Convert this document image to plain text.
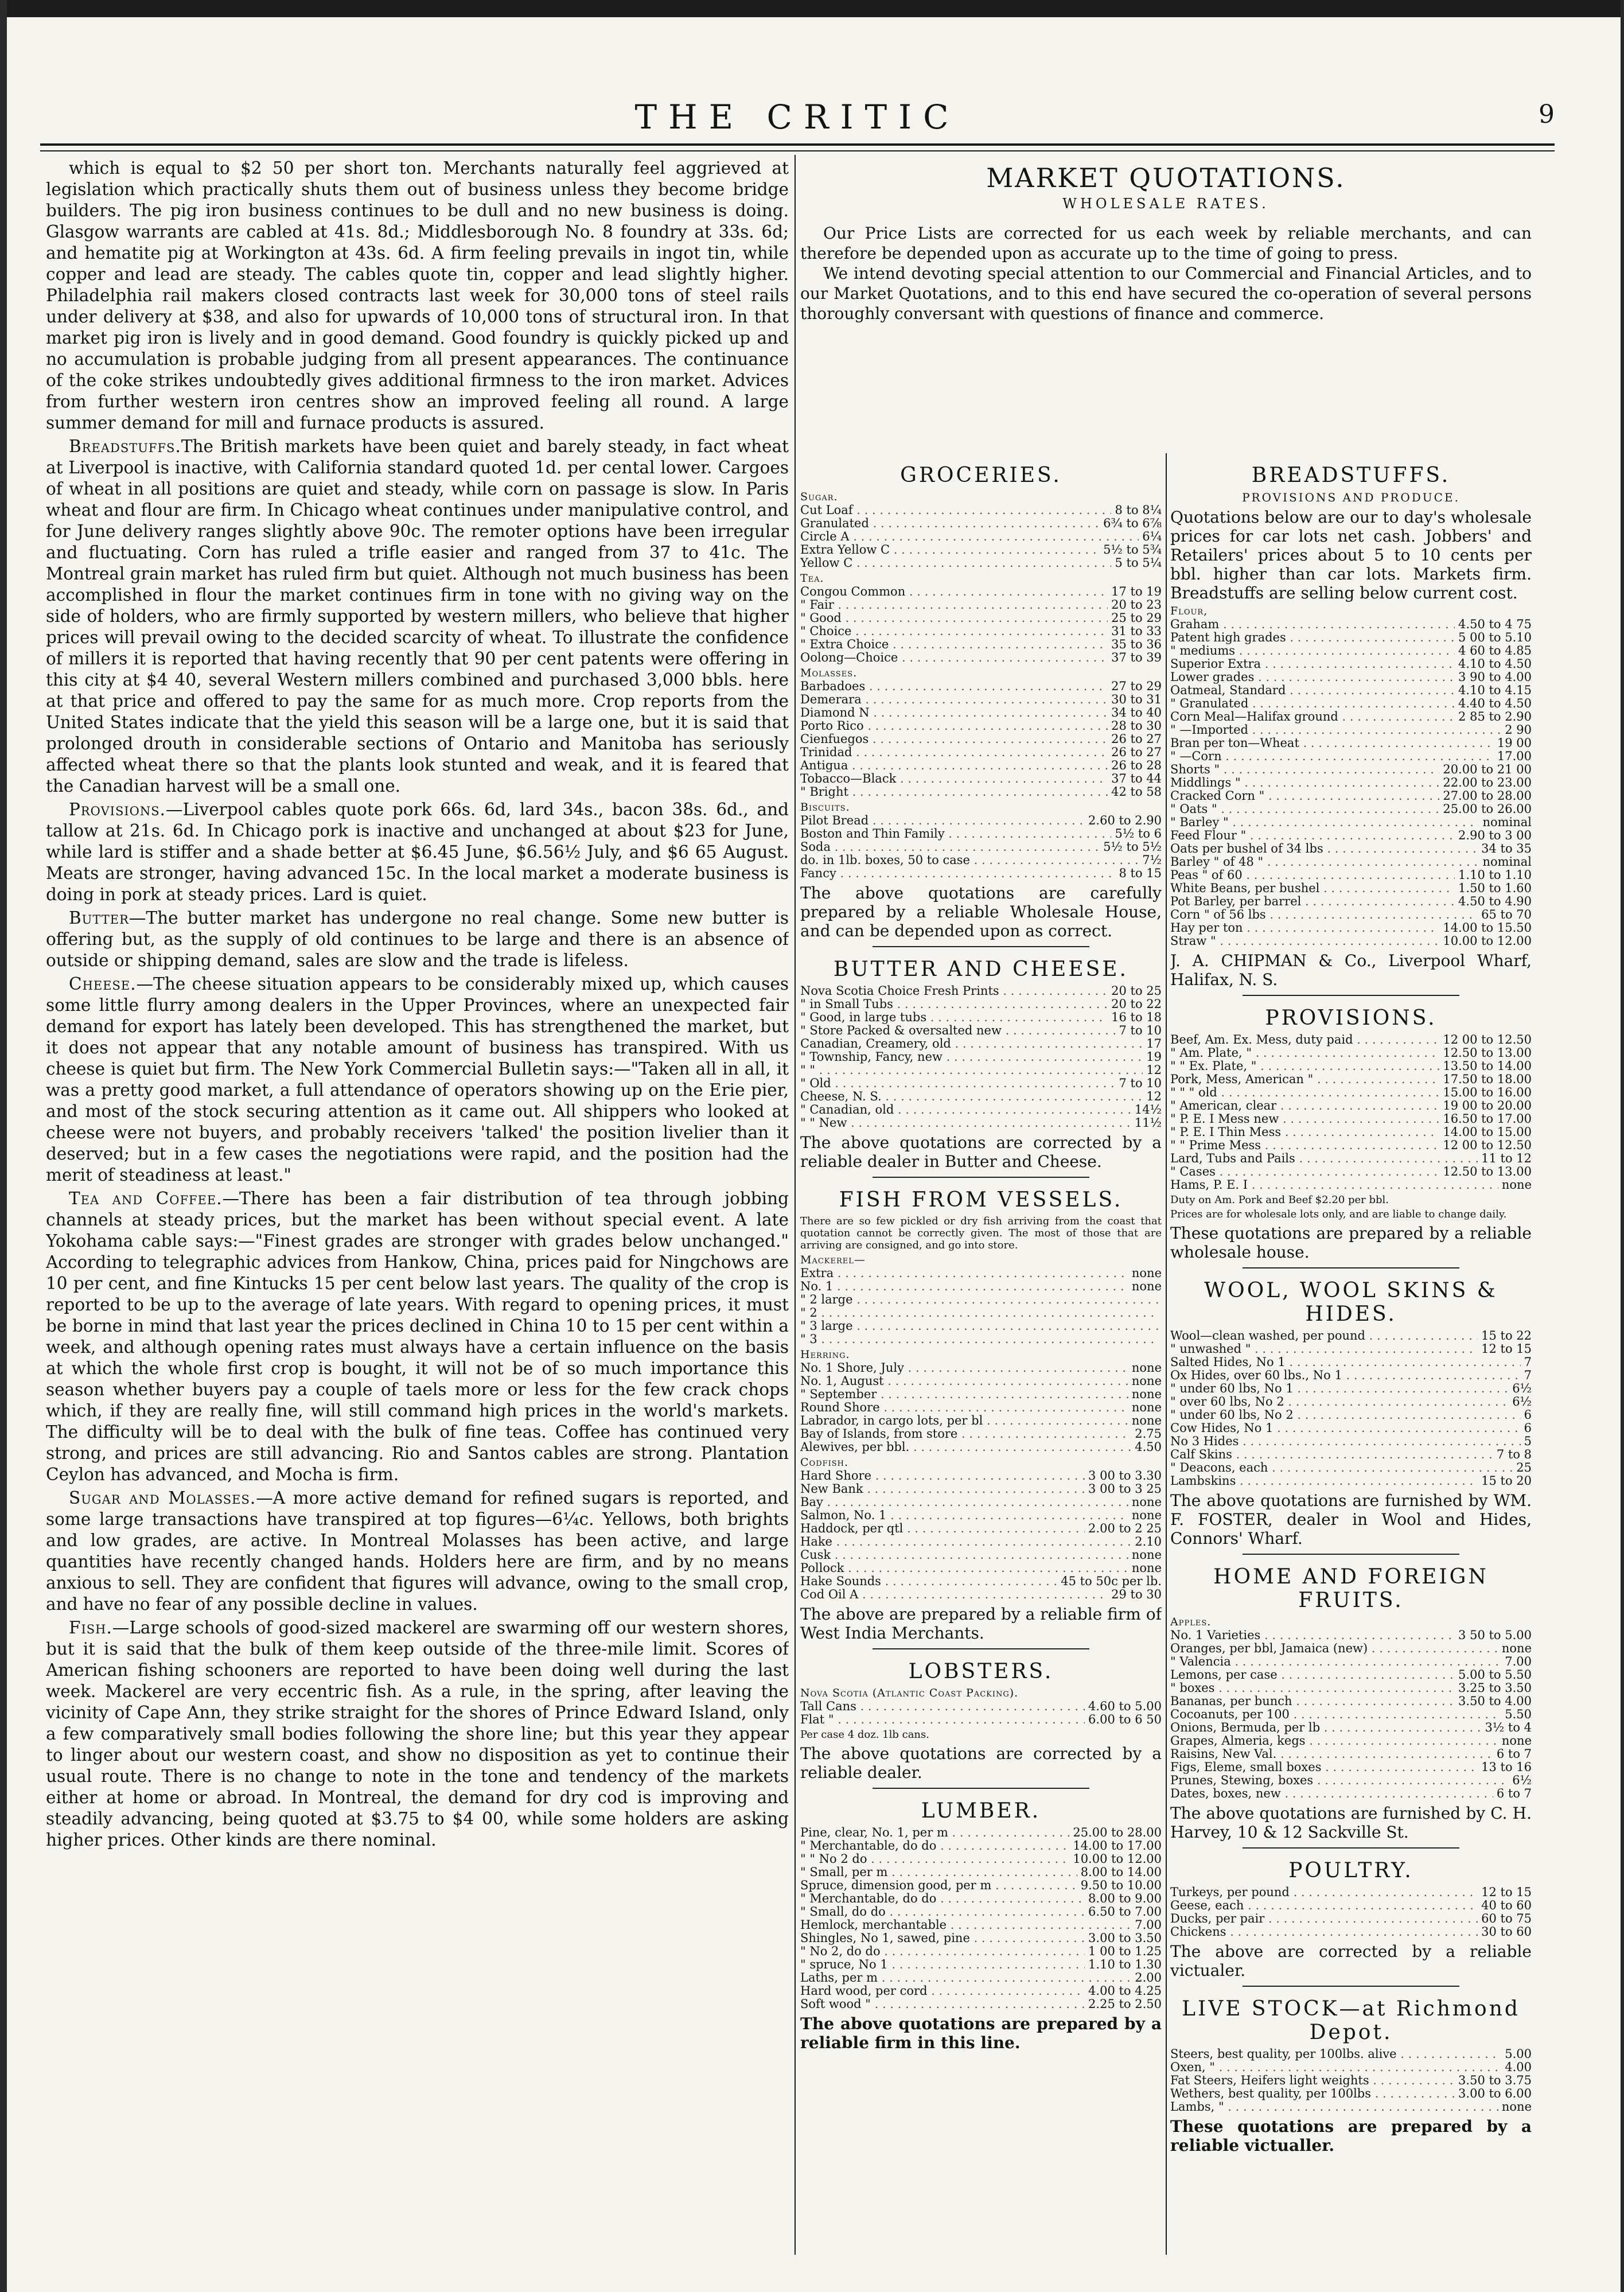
THE CRITIC	9

which is equal to $2 50 per short ton. Merchants naturally feel aggrieved at legislation which practically shuts them out of business unless they become bridge builders. The pig iron business continues to be dull and no new business is doing. Glasgow warrants are cabled at 41s. 8d.; Middlesborough No. 8 foundry at 33s. 6d; and hematite pig at Workington at 43s. 6d. A firm feeling prevails in ingot tin, while copper and lead are steady. The cables quote tin, copper and lead slightly higher. Philadelphia rail makers closed contracts last week for 30,000 tons of steel rails under delivery at $38, and also for upwards of 10,000 tons of structural iron. In that market pig iron is lively and in good demand. Good foundry is quickly picked up and no accumulation is probable judging from all present appearances. The continuance of the coke strikes undoubtedly gives additional firmness to the iron market. Advices from further western iron centres show an improved feeling all round. A large summer demand for mill and furnace products is assured.

Breadstuffs.The British markets have been quiet and barely steady, in fact wheat at Liverpool is inactive, with California standard quoted 1d. per cental lower. Cargoes of wheat in all positions are quiet and steady, while corn on passage is slow. In Paris wheat and flour are firm. In Chicago wheat continues under manipulative control, and for June delivery ranges slightly above 90c. The remoter options have been irregular and fluctuating. Corn has ruled a trifle easier and ranged from 37 to 41c. The Montreal grain market has ruled firm but quiet. Although not much business has been accomplished in flour the market continues firm in tone with no giving way on the side of holders, who are firmly supported by western millers, who believe that higher prices will prevail owing to the decided scarcity of wheat. To illustrate the confidence of millers it is reported that having recently that 90 per cent patents were offering in this city at $4 40, several Western millers combined and purchased 3,000 bbls. here at that price and offered to pay the same for as much more. Crop reports from the United States indicate that the yield this season will be a large one, but it is said that prolonged drouth in considerable sections of Ontario and Manitoba has seriously affected wheat there so that the plants look stunted and weak, and it is feared that the Canadian harvest will be a small one.

Provisions.—Liverpool cables quote pork 66s. 6d, lard 34s., bacon 38s. 6d., and tallow at 21s. 6d. In Chicago pork is inactive and unchanged at about $23 for June, while lard is stiffer and a shade better at $6.45 June, $6.56½ July, and $6 65 August. Meats are stronger, having advanced 15c. In the local market a moderate business is doing in pork at steady prices. Lard is quiet.

Butter—The butter market has undergone no real change. Some new butter is offering but, as the supply of old continues to be large and there is an absence of outside or shipping demand, sales are slow and the trade is lifeless.

Cheese.—The cheese situation appears to be considerably mixed up, which causes some little flurry among dealers in the Upper Provinces, where an unexpected fair demand for export has lately been developed. This has strengthened the market, but it does not appear that any notable amount of business has transpired. With us cheese is quiet but firm. The New York Commercial Bulletin says:—"Taken all in all, it was a pretty good market, a full attendance of operators showing up on the Erie pier, and most of the stock securing attention as it came out. All shippers who looked at cheese were not buyers, and probably receivers 'talked' the position livelier than it deserved; but in a few cases the negotiations were rapid, and the position had the merit of steadiness at least."

Tea and Coffee.—There has been a fair distribution of tea through jobbing channels at steady prices, but the market has been without special event. A late Yokohama cable says:—"Finest grades are stronger with grades below unchanged." According to telegraphic advices from Hankow, China, prices paid for Ningchows are 10 per cent, and fine Kintucks 15 per cent below last years. The quality of the crop is reported to be up to the average of late years. With regard to opening prices, it must be borne in mind that last year the prices declined in China 10 to 15 per cent within a week, and although opening rates must always have a certain influence on the basis at which the whole first crop is bought, it will not be of so much importance this season whether buyers pay a couple of taels more or less for the few crack chops which, if they are really fine, will still command high prices in the world's markets. The difficulty will be to deal with the bulk of fine teas. Coffee has continued very strong, and prices are still advancing. Rio and Santos cables are strong. Plantation Ceylon has advanced, and Mocha is firm.

Sugar and Molasses.—A more active demand for refined sugars is reported, and some large transactions have transpired at top figures—6¼c. Yellows, both brights and low grades, are active. In Montreal Molasses has been active, and large quantities have recently changed hands. Holders here are firm, and by no means anxious to sell. They are confident that figures will advance, owing to the small crop, and have no fear of any possible decline in values.

Fish.—Large schools of good-sized mackerel are swarming off our western shores, but it is said that the bulk of them keep outside of the three-mile limit. Scores of American fishing schooners are reported to have been doing well during the last week. Mackerel are very eccentric fish. As a rule, in the spring, after leaving the vicinity of Cape Ann, they strike straight for the shores of Prince Edward Island, only a few comparatively small bodies following the shore line; but this year they appear to linger about our western coast, and show no disposition as yet to continue their usual route. There is no change to note in the tone and tendency of the markets either at home or abroad. In Montreal, the demand for dry cod is improving and steadily advancing, being quoted at $3.75 to $4 00, while some holders are asking higher prices. Other kinds are there nominal.

MARKET QUOTATIONS.
WHOLESALE RATES.

Our Price Lists are corrected for us each week by reliable merchants, and can therefore be depended upon as accurate up to the time of going to press.

We intend devoting special attention to our Commercial and Financial Articles, and to our Market Quotations, and to this end have secured the co-operation of several persons thoroughly conversant with questions of finance and commerce.

GROCERIES.
Sugar.
Cut Loaf . . .	8 to 8¼
Granulated . . .	6¾ to 6⅞
Circle A . . .	6¼
Extra Yellow C . . .	5½ to 5¾
Yellow C . . .	5 to 5¼
Tea.
Congou Common . . .	17 to 19
" Fair . . .	20 to 23
" Good . . .	25 to 29
" Choice . . .	31 to 33
" Extra Choice . . .	35 to 36
Oolong—Choice . . .	37 to 39
Molasses.
Barbadoes . . .	27 to 29
Demerara . . .	30 to 31
Diamond N . . .	34 to 40
Porto Rico . . .	28 to 30
Cienfuegos . . .	26 to 27
Trinidad . . .	26 to 27
Antigua . . .	26 to 28
Tobacco—Black . . .	37 to 44
" Bright . . .	42 to 58
Biscuits.
Pilot Bread . . .	2.60 to 2.90
Boston and Thin Family . . .	5½ to 6
Soda . . .	5½ to 5½
do. in 1lb. boxes, 50 to case . . .	7½
Fancy . . .	8 to 15

The above quotations are carefully prepared by a reliable Wholesale House, and can be depended upon as correct.

BUTTER AND CHEESE.
Nova Scotia Choice Fresh Prints . . .	20 to 25
" in Small Tubs . . .	20 to 22
" Good, in large tubs . . .	16 to 18
" Store Packed & oversalted new . . .	7 to 10
Canadian, Creamery, old . . .	17
" Township, Fancy, new . . .	19
" " . . .	12
" Old . . .	7 to 10
Cheese, N. S. . . .	12
" Canadian, old . . .	14½
" " New . . .	11½

The above quotations are corrected by a reliable dealer in Butter and Cheese.

FISH FROM VESSELS.

There are so few pickled or dry fish arriving from the coast that quotation cannot be correctly given. The most of those that are arriving are consigned, and go into store.

Mackerel—
Extra . . .	none
No. 1 . . .	none
" 2 large . . .
" 2 . . .
" 3 large . . .
" 3 . . .
Herring.
No. 1 Shore, July . . .	none
No. 1, August . . .	none
" September . . .	none
Round Shore . . .	none
Labrador, in cargo lots, per bl . . .	none
Bay of Islands, from store . . .	2.75
Alewives, per bbl. . . .	4.50
Codfish.
Hard Shore . . .	3 00 to 3.30
New Bank . . .	3 00 to 3 25
Bay . . .	none
Salmon, No. 1 . . .	none
Haddock, per qtl . . .	2.00 to 2 25
Hake . . .	2.10
Cusk . . .	none
Pollock . . .	none
Hake Sounds . . .	45 to 50c per lb.
Cod Oil A . . .	29 to 30

The above are prepared by a reliable firm of West India Merchants.

LOBSTERS.
Nova Scotia (Atlantic Coast Packing).
Tall Cans . . .	4.60 to 5.00
Flat " . . .	6.00 to 6 50
Per case 4 doz. 1lb cans.

The above quotations are corrected by a reliable dealer.

LUMBER.
Pine, clear, No. 1, per m . . .	25.00 to 28.00
" Merchantable, do do . . .	14.00 to 17.00
" " No 2 do . . .	10.00 to 12.00
" Small, per m . . .	8.00 to 14.00
Spruce, dimension good, per m . . .	9.50 to 10.00
" Merchantable, do do . . .	8.00 to 9.00
" Small, do do . . .	6.50 to 7.00
Hemlock, merchantable . . .	7.00
Shingles, No 1, sawed, pine . . .	3.00 to 3.50
" No 2, do do . . .	1 00 to 1.25
" spruce, No 1 . . .	1.10 to 1.30
Laths, per m . . .	2.00
Hard wood, per cord . . .	4.00 to 4.25
Soft wood " . . .	2.25 to 2.50

The above quotations are prepared by a reliable firm in this line.

BREADSTUFFS.
PROVISIONS AND PRODUCE.

Quotations below are our to day's wholesale prices for car lots net cash. Jobbers' and Retailers' prices about 5 to 10 cents per bbl. higher than car lots. Markets firm. Breadstuffs are selling below current cost.

Flour,
Graham . . .	4.50 to 4 75
Patent high grades . . .	5 00 to 5.10
" mediums . . .	4 60 to 4.85
Superior Extra . . .	4.10 to 4.50
Lower grades . . .	3 90 to 4.00
Oatmeal, Standard . . .	4.10 to 4.15
" Granulated . . .	4.40 to 4.50
Corn Meal—Halifax ground . . .	2 85 to 2.90
" —Imported . . .	2 90
Bran per ton—Wheat . . .	19 00
" —Corn . . .	17.00
Shorts " . . .	20.00 to 21 00
Middlings " . . .	22.00 to 23.00
Cracked Corn " . . .	27.00 to 28.00
" Oats " . . .	25.00 to 26.00
" Barley " . . .	nominal
Feed Flour " . . .	2.90 to 3 00
Oats per bushel of 34 lbs . . .	34 to 35
Barley " of 48 " . . .	nominal
Peas " of 60 . . .	1.10 to 1.10
White Beans, per bushel . . .	1.50 to 1.60
Pot Barley, per barrel . . .	4.50 to 4.90
Corn " of 56 lbs . . .	65 to 70
Hay per ton . . .	14.00 to 15.50
Straw " . . .	10.00 to 12.00

J. A. CHIPMAN & Co., Liverpool Wharf, Halifax, N. S.

PROVISIONS.
Beef, Am. Ex. Mess, duty paid . . .	12 00 to 12.50
" Am. Plate, " . . .	12.50 to 13.00
" " Ex. Plate, " . . .	13.50 to 14.00
Pork, Mess, American " . . .	17.50 to 18.00
" " " old . . .	15.00 to 16.00
" American, clear . . .	19 00 to 20.00
" P. E. I Mess new . . .	16.50 to 17.00
" P. E. I Thin Mess . . .	14.00 to 15.00
" " Prime Mess . . .	12 00 to 12.50
Lard, Tubs and Pails . . .	11 to 12
" Cases . . .	12.50 to 13.00
Hams, P. E. I . . .	none
Duty on Am. Pork and Beef $2.20 per bbl.
Prices are for wholesale lots only, and are liable to change daily.

These quotations are prepared by a reliable wholesale house.

WOOL, WOOL SKINS & HIDES.
Wool—clean washed, per pound . . .	15 to 22
" unwashed " . . .	12 to 15
Salted Hides, No 1 . . .	7
Ox Hides, over 60 lbs., No 1 . . .	7
" under 60 lbs, No 1 . . .	6½
" over 60 lbs, No 2 . . .	6½
" under 60 lbs, No 2 . . .	6
Cow Hides, No 1 . . .	6
No 3 Hides . . .	5
Calf Skins . . .	7 to 8
" Deacons, each . . .	25
Lambskins . . .	15 to 20

The above quotations are furnished by WM. F. FOSTER, dealer in Wool and Hides, Connors' Wharf.

HOME AND FOREIGN FRUITS.
Apples.
No. 1 Varieties . . .	3 50 to 5.00
Oranges, per bbl, Jamaica (new) . . .	none
" Valencia . . .	7.00
Lemons, per case . . .	5.00 to 5.50
" boxes . . .	3.25 to 3.50
Bananas, per bunch . . .	3.50 to 4.00
Cocoanuts, per 100 . . .	5.50
Onions, Bermuda, per lb . . .	3½ to 4
Grapes, Almeria, kegs . . .	none
Raisins, New Val. . . .	6 to 7
Figs, Eleme, small boxes . . .	13 to 16
Prunes, Stewing, boxes . . .	6½
Dates, boxes, new . . .	6 to 7

The above quotations are furnished by C. H. Harvey, 10 & 12 Sackville St.

POULTRY.
Turkeys, per pound . . .	12 to 15
Geese, each . . .	40 to 60
Ducks, per pair . . .	60 to 75
Chickens . . .	30 to 60

The above are corrected by a reliable victualer.

LIVE STOCK—at Richmond Depot.
Steers, best quality, per 100lbs. alive . . .	5.00
Oxen, " . . .	4.00
Fat Steers, Heifers light weights . . .	3.50 to 3.75
Wethers, best quality, per 100lbs . . .	3.00 to 6.00
Lambs, " . . .	none

These quotations are prepared by a reliable victualler.
